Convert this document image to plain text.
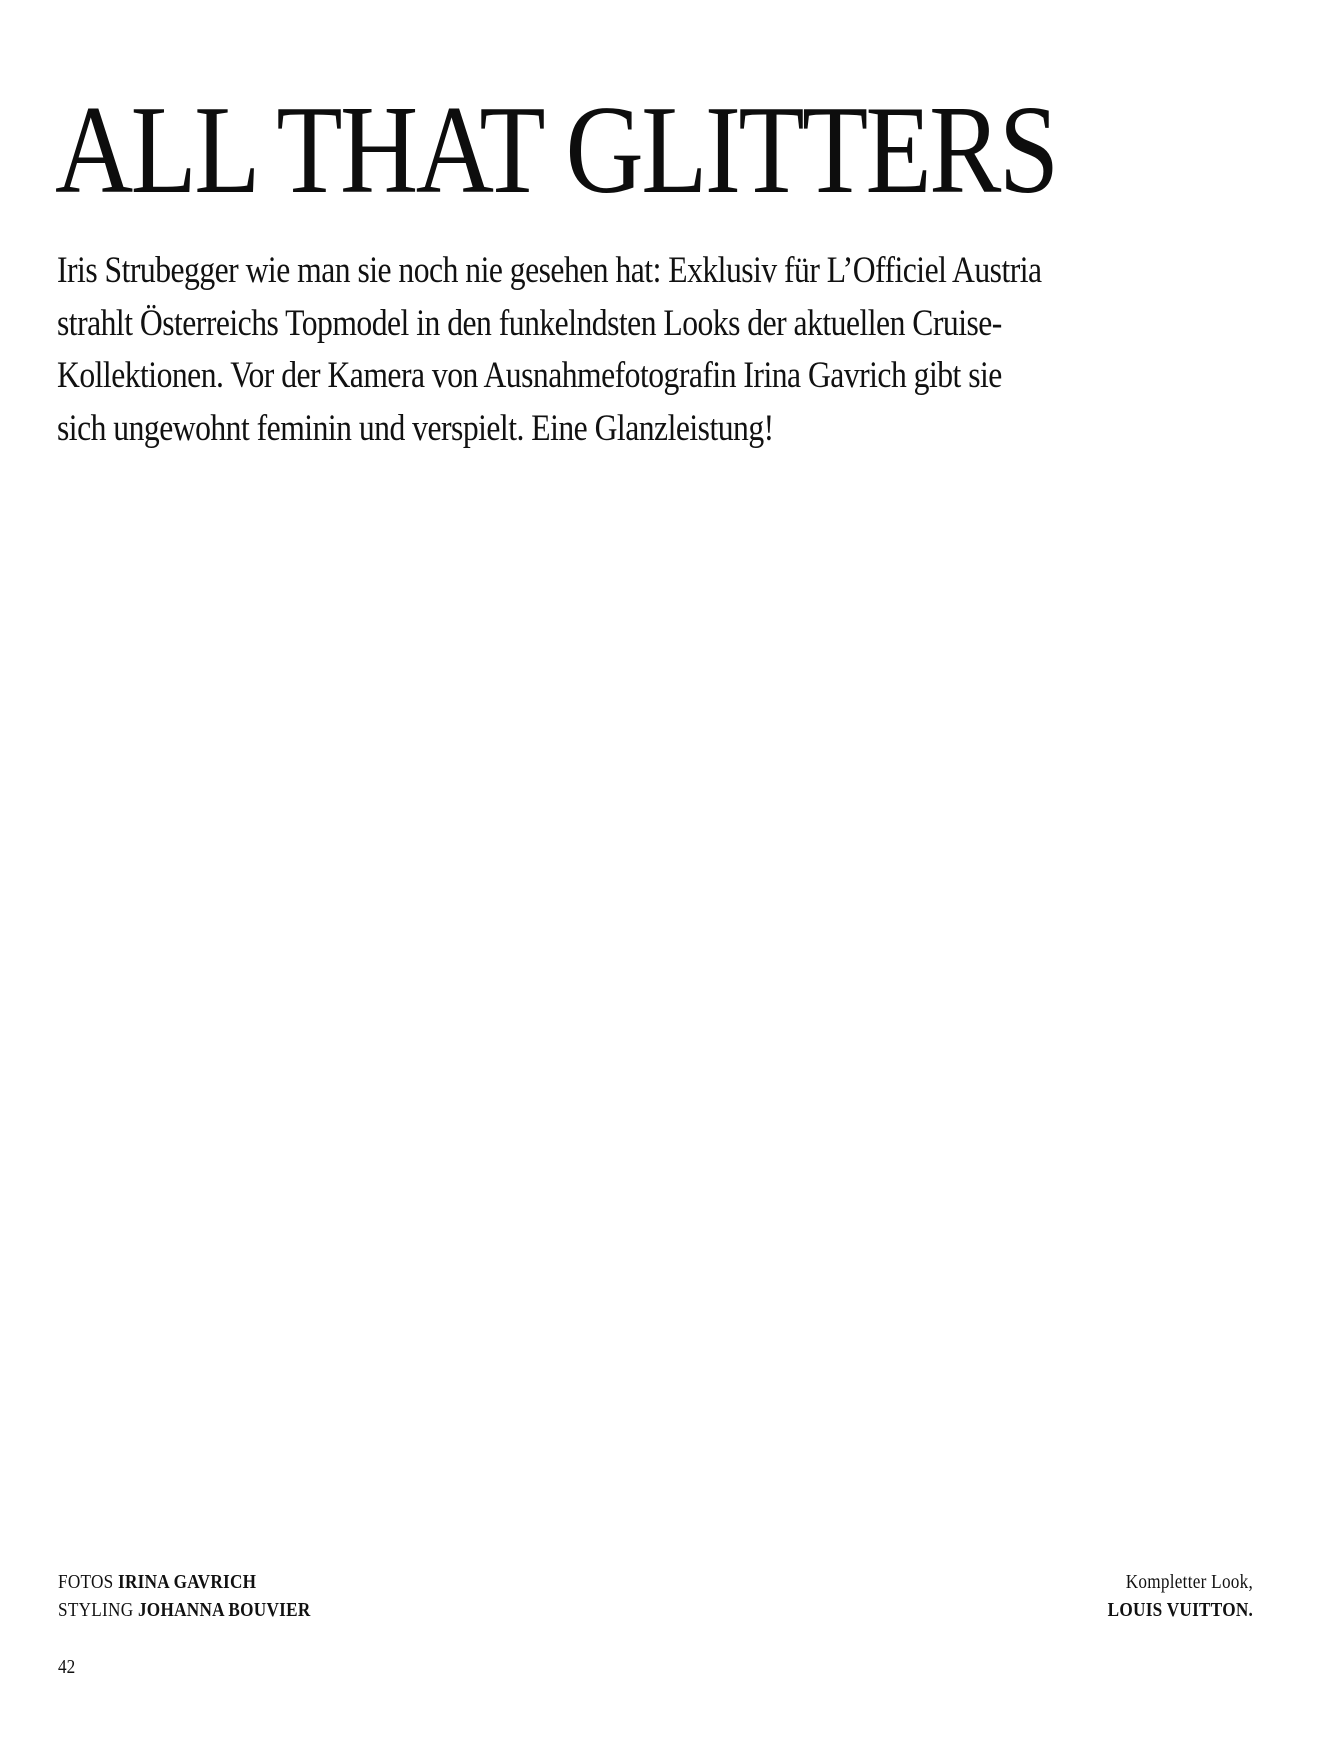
ALL THAT GLITTERS

Iris Strubegger wie man sie noch nie gesehen hat: Exklusiv für L’Officiel Austria
strahlt Österreichs Topmodel in den funkelndsten Looks der aktuellen Cruise-
Kollektionen. Vor der Kamera von Ausnahmefotografin Irina Gavrich gibt sie
sich ungewohnt feminin und verspielt. Eine Glanzleistung!

FOTOS IRINA GAVRICH
STYLING JOHANNA BOUVIER
Kompletter Look,
LOUIS VUITTON.
42
